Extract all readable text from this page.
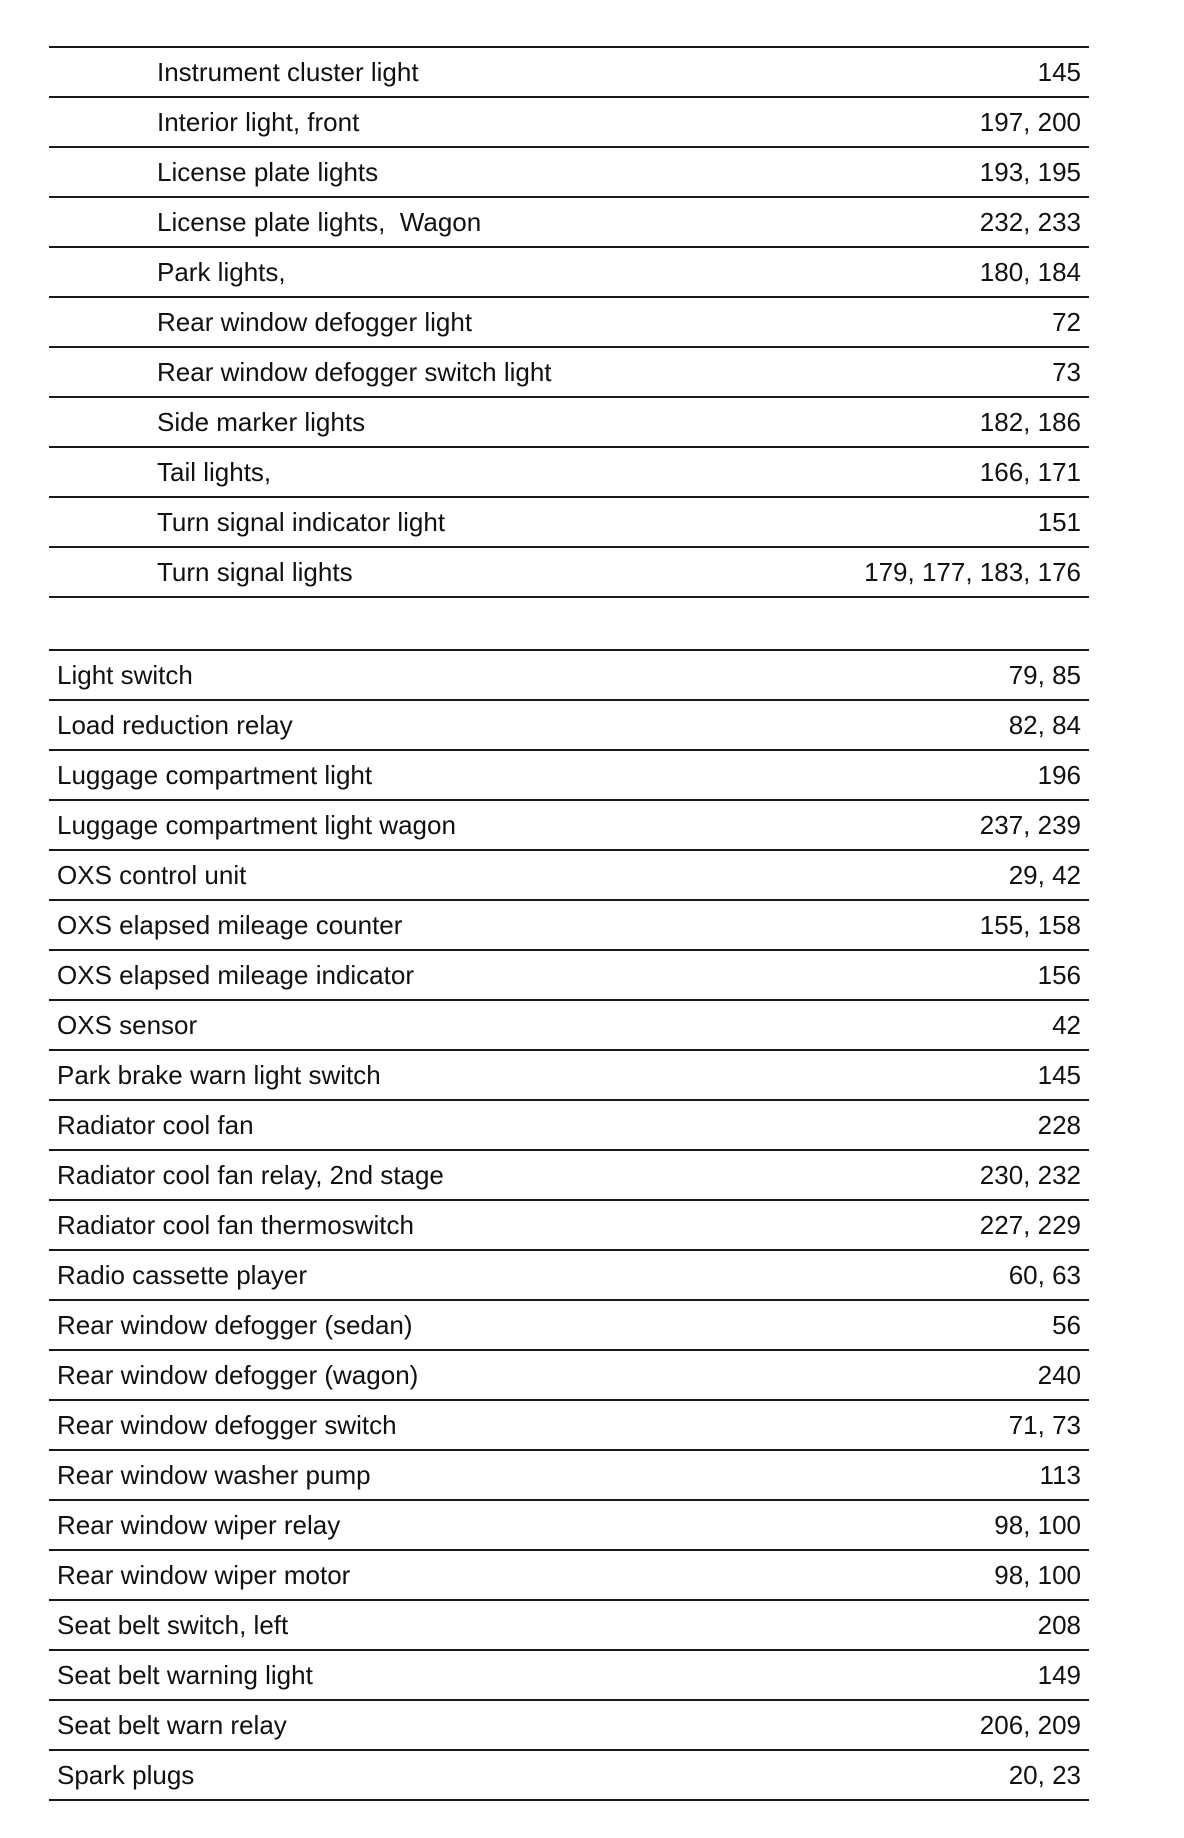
Instrument cluster light	145
Interior light, front	197, 200
License plate lights	193, 195
License plate lights,  Wagon	232, 233
Park lights,	180, 184
Rear window defogger light	72
Rear window defogger switch light	73
Side marker lights	182, 186
Tail lights,	166, 171
Turn signal indicator light	151
Turn signal lights	179, 177, 183, 176
Light switch	79, 85
Load reduction relay	82, 84
Luggage compartment light	196
Luggage compartment light wagon	237, 239
OXS control unit	29, 42
OXS elapsed mileage counter	155, 158
OXS elapsed mileage indicator	156
OXS sensor	42
Park brake warn light switch	145
Radiator cool fan	228
Radiator cool fan relay, 2nd stage	230, 232
Radiator cool fan thermoswitch	227, 229
Radio cassette player	60, 63
Rear window defogger (sedan)	56
Rear window defogger (wagon)	240
Rear window defogger switch	71, 73
Rear window washer pump	113
Rear window wiper relay	98, 100
Rear window wiper motor	98, 100
Seat belt switch, left	208
Seat belt warning light	149
Seat belt warn relay	206, 209
Spark plugs	20, 23
